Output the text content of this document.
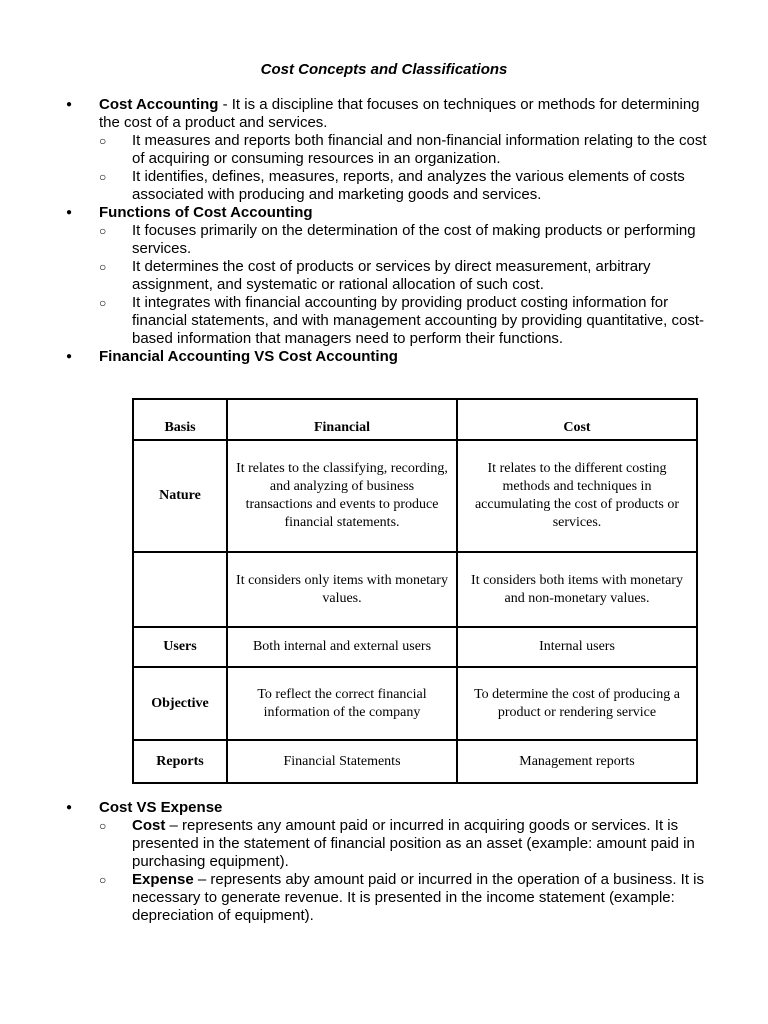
Cost Concepts and Classifications
● Cost Accounting - It is a discipline that focuses on techniques or methods for determining the cost of a product and services.
○ It measures and reports both financial and non-financial information relating to the cost of acquiring or consuming resources in an organization.
○ It identifies, defines, measures, reports, and analyzes the various elements of costs associated with producing and marketing goods and services.
● Functions of Cost Accounting
○ It focuses primarily on the determination of the cost of making products or performing services.
○ It determines the cost of products or services by direct measurement, arbitrary assignment, and systematic or rational allocation of such cost.
○ It integrates with financial accounting by providing product costing information for financial statements, and with management accounting by providing quantitative, cost-based information that managers need to perform their functions.
● Financial Accounting VS Cost Accounting
Basis	Financial	Cost
Nature	It relates to the classifying, recording, and analyzing of business transactions and events to produce financial statements.	It relates to the different costing methods and techniques in accumulating the cost of products or services.
	It considers only items with monetary values.	It considers both items with monetary and non-monetary values.
Users	Both internal and external users	Internal users
Objective	To reflect the correct financial information of the company	To determine the cost of producing a product or rendering service
Reports	Financial Statements	Management reports
● Cost VS Expense
○ Cost – represents any amount paid or incurred in acquiring goods or services. It is presented in the statement of financial position as an asset (example: amount paid in purchasing equipment).
○ Expense – represents aby amount paid or incurred in the operation of a business. It is necessary to generate revenue. It is presented in the income statement (example: depreciation of equipment).
